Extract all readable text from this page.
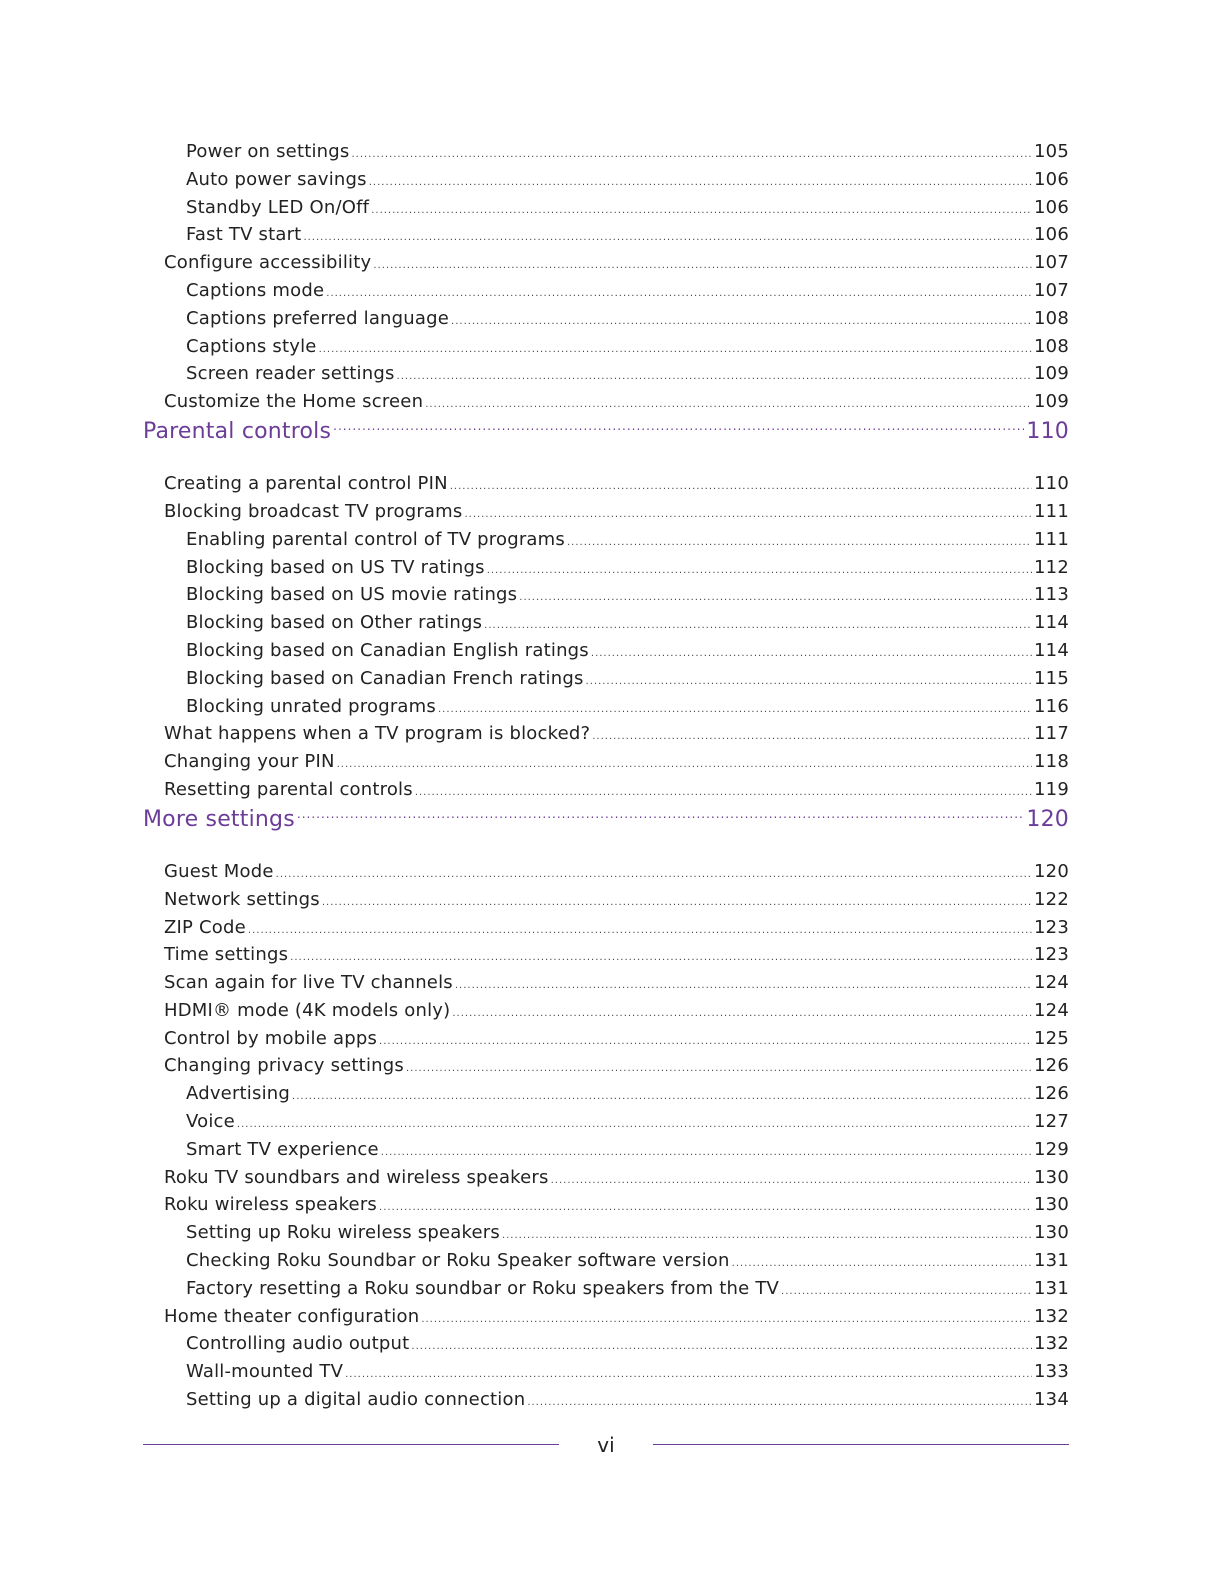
Power on settings .....	105
Auto power savings .....	106
Standby LED On/Off .....	106
Fast TV start .....	106
Configure accessibility .....	107
Captions mode .....	107
Captions preferred language .....	108
Captions style .....	108
Screen reader settings .....	109
Customize the Home screen .....	109
Parental controls .....	110
Creating a parental control PIN .....	110
Blocking broadcast TV programs .....	111
Enabling parental control of TV programs .....	111
Blocking based on US TV ratings .....	112
Blocking based on US movie ratings .....	113
Blocking based on Other ratings .....	114
Blocking based on Canadian English ratings .....	114
Blocking based on Canadian French ratings .....	115
Blocking unrated programs .....	116
What happens when a TV program is blocked? .....	117
Changing your PIN .....	118
Resetting parental controls .....	119
More settings .....	120
Guest Mode .....	120
Network settings .....	122
ZIP Code .....	123
Time settings .....	123
Scan again for live TV channels .....	124
HDMI® mode (4K models only) .....	124
Control by mobile apps .....	125
Changing privacy settings .....	126
Advertising .....	126
Voice .....	127
Smart TV experience .....	129
Roku TV soundbars and wireless speakers .....	130
Roku wireless speakers .....	130
Setting up Roku wireless speakers .....	130
Checking Roku Soundbar or Roku Speaker software version .....	131
Factory resetting a Roku soundbar or Roku speakers from the TV .....	131
Home theater configuration .....	132
Controlling audio output .....	132
Wall-mounted TV .....	133
Setting up a digital audio connection .....	134
vi
